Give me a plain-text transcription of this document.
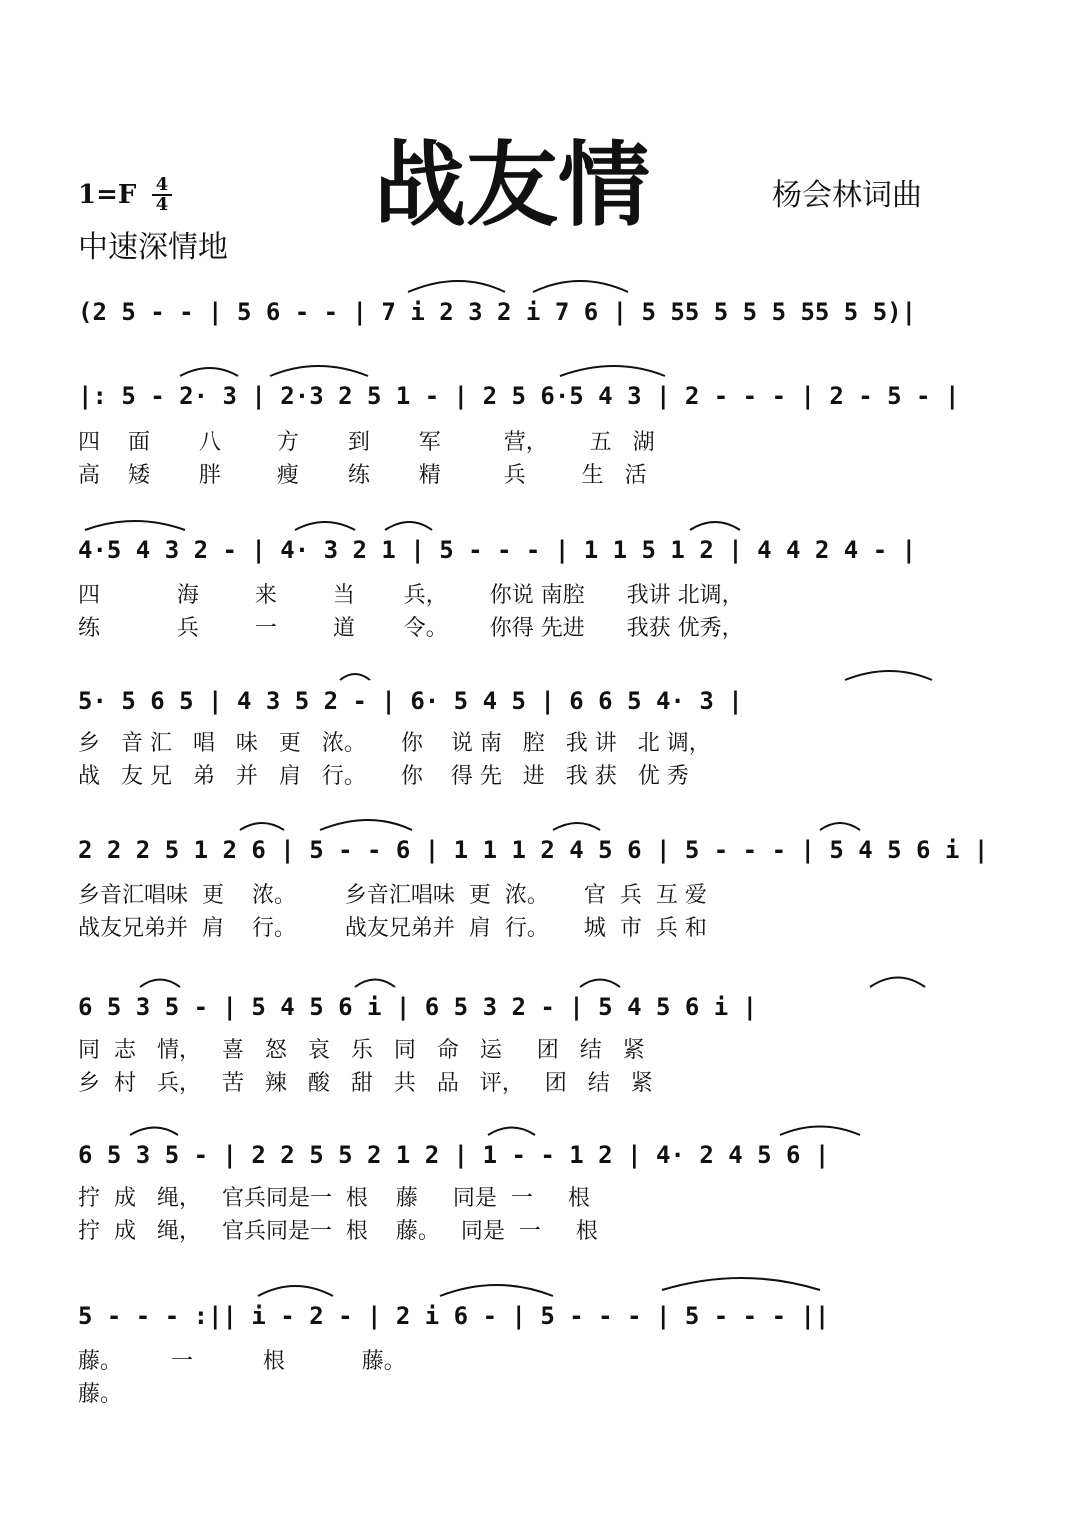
战友情	杨会林词曲
1=F	4
4
中速深情地
(2 5 - - | 5 6 - - | 7 i 2 3 2 i 7 6 | 5 55 5 5 5 55 5 5)|
|: 5 - 2· 3 | 2·3 2 5 1 - | 2 5 6·5 4 3 | 2 - - - | 2 - 5 - |
四    面       八        方       到       军         营，      五   湖
高    矮       胖        瘦       练       精         兵        生   活
4·5 4 3 2 - | 4· 3 2 1 | 5 - - - | 1 1 5 1 2 | 4 4 2 4 - |
四           海        来        当       兵，      你说 南腔      我讲 北调，
练           兵        一        道       令。      你得 先进      我获 优秀，
5· 5 6 5 | 4 3 5 2 - | 6· 5 4 5 | 6 6 5 4· 3 |
乡   音 汇   唱   味   更   浓。     你    说 南   腔   我 讲   北 调，
战   友 兄   弟   并   肩   行。     你    得 先   进   我 获   优 秀
2 2 2 5 1 2 6 | 5 - - 6 | 1 1 1 2 4 5 6 | 5 - - - | 5 4 5 6 i |
乡音汇唱味  更    浓。       乡音汇唱味  更  浓。     官  兵  互 爱
战友兄弟并  肩    行。       战友兄弟并  肩  行。     城  市  兵 和
6 5 3 5 - | 5 4 5 6 i | 6 5 3 2 - | 5 4 5 6 i |
同  志   情，   喜   怒   哀   乐   同   命   运     团   结   紧
乡  村   兵，   苦   辣   酸   甜   共   品   评，   团   结   紧
6 5 3 5 - | 2 2 5 5 2 1 2 | 1 - - 1 2 | 4· 2 4 5 6 |
拧  成   绳，   官兵同是一  根    藤     同是  一     根
拧  成   绳，   官兵同是一  根    藤。   同是  一     根
5 - - - :|| i - 2 - | 2 i 6 - | 5 - - - | 5 - - - ||
藤。       一          根           藤。
藤。
